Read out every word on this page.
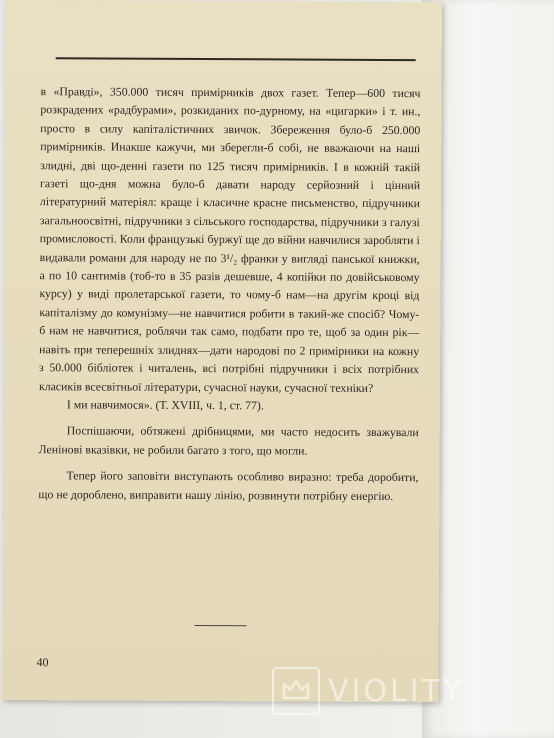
в «Правді», 350.000 тисяч примірників двох газет. Тепер—600 тисяч розкрадених «радбурами», розкиданих по-дурному, на «цигарки» і т. ин., просто в силу капіталістичних звичок. Збереження було-б 250.000 примірників. Инакше кажучи, ми зберегли-б собі, не вважаючи на наші злидні, двi що-денні газети по 125 тисяч примірників. І в кожній такій газеті що-дня можна було-б давати народу серйозний і цінний літературний матеріял: краще і класичне красне письменство, підручники загальноосвітні, підручники з сільського господарства, підручники з галузі промисловості. Коли французькі буржуї ще до війни навчилися заробляти і видавали романи для народу не по 3¹/₂ франки у вигляді панської книжки, а по 10 сантимів (тоб-то в 35 разів дешевше, 4 копійки по довійськовому курсу) у виді пролетарської газети, то чому-б нам—на другім кроці від капіталізму до комунізму—не навчитися робити в такий-же спосіб? Чому-б нам не навчитися, роблячи так само, подбати про те, щоб за один рік—навіть при теперешніх злиднях—дати народові по 2 примірники на кожну з 50.000 бібліотек і читалень, всі потрібні підручники і всіх потрібних класиків всесвітньої літератури, сучасної науки, сучасної техніки?

І ми навчимося». (Т. XVIII, ч. 1, ст. 77).

Поспішаючи, обтяжені дрібницями, ми часто недосить зважували Ленінові вказівки, не робили багато з того, що могли.

Тепер його заповіти виступають особливо виразно: треба доробити, що не доробленo, виправити нашу лінію, розвинути потрібну енергію.

40
VIOLITY
